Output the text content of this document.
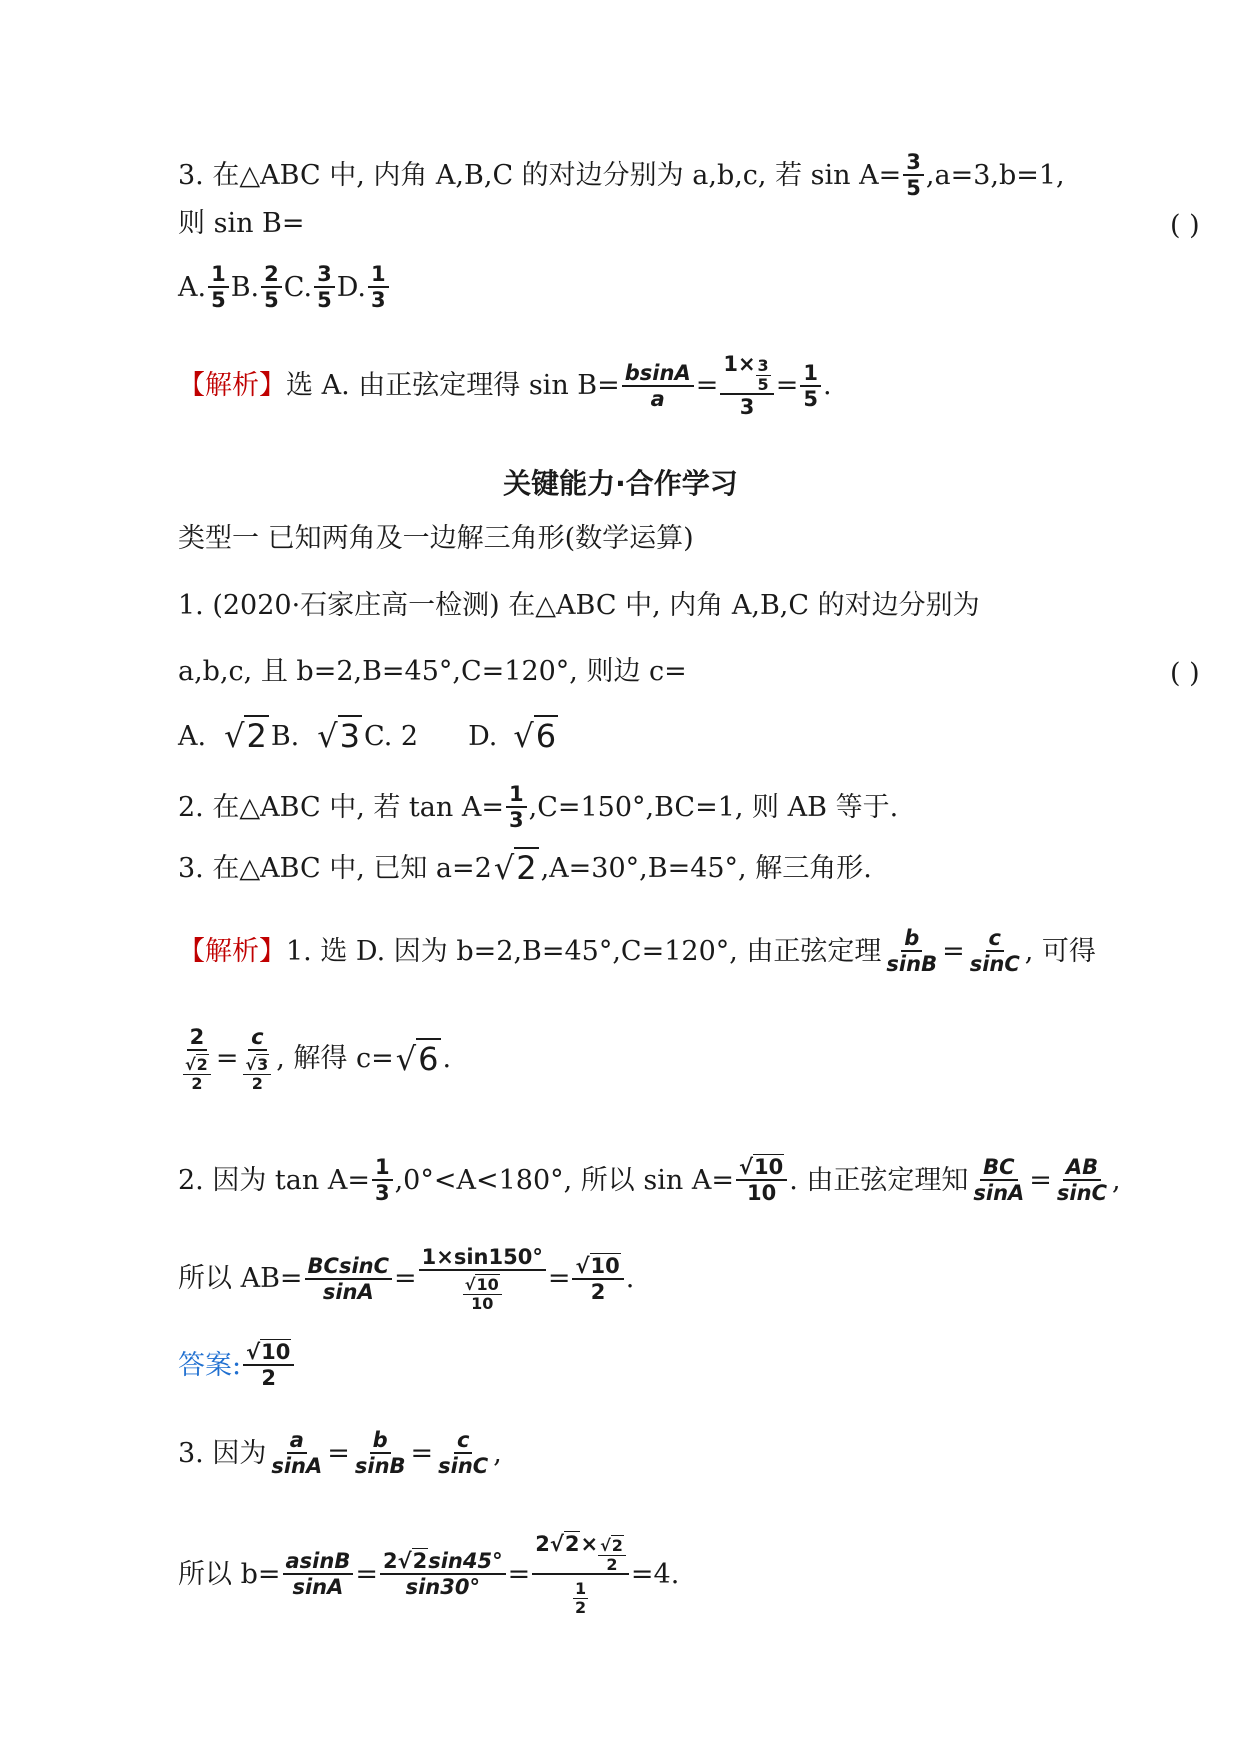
3. 在△ABC 中, 内角 A,B,C 的对边分别为 a,b,c, 若 $\sin A= \frac{3}{5} ,a=3,b=1$,
则 sin B=	( )
A. $\frac{1}{5} B$. $\frac{2}{5} C$. $\frac{3}{5} D$. $\frac{1}{3}$
【解析】 选 A. 由正弦定理得 $\sin B= \frac{bsinA}{a} = \frac{1\times \frac{3}{5}}{3} = \frac{1}{5}$ .
关键能力·合作学习
类型一 已知两角及一边解三角形(数学运算)
1. (2020·石家庄高一检测) 在△ABC 中, 内角 A,B,C 的对边分别为
a,b,c, 且 b=2,B=45°,C=120°, 则边 c=	( )
A. √2 B. √3 C. 2 D. √6
2. 在△ABC 中, 若 $\tan A= \frac{1}{3} ,C=150^\circ,BC=1$, 则 AB 等于.
3. 在△ABC 中, 已知 a=2 √2 ,A=30°,B=45°, 解三角形.
【解析】 1. 选 D. 因为 b=2,B=45°,C=120°, 由正弦定理 $\frac{b}{\sin B} = \frac{c}{\sin C}$ , 可得
$\frac{2}{\frac{√2}{2}} = \frac{c}{\frac{√3}{2}}$ , 解得 c= √6 .
2. 因为 $\tan A= \frac{1}{3} ,0^\circ<A<180^\circ$, 所以 $\sin A= \frac{√10}{10}$ . 由正弦定理知 $\frac{BC}{\sin A} = \frac{AB}{\sin C}$ ,
所以 $AB= \frac{BCsinC}{\sin A} = \frac{1\times\sin 150^\circ}{\frac{√10}{10}} = \frac{√10}{2}$ .
答案: $\frac{√10}{2}$
3. 因为 $\frac{a}{\sin A} = \frac{b}{\sin B} = \frac{c}{\sin C}$ ,
所以 $b= \frac{asinB}{\sin A} = \frac{2√2\sin 45^\circ}{\sin 30^\circ} = \frac{2√2\times \frac{√2}{2}}{\frac{1}{2}} =4$.
